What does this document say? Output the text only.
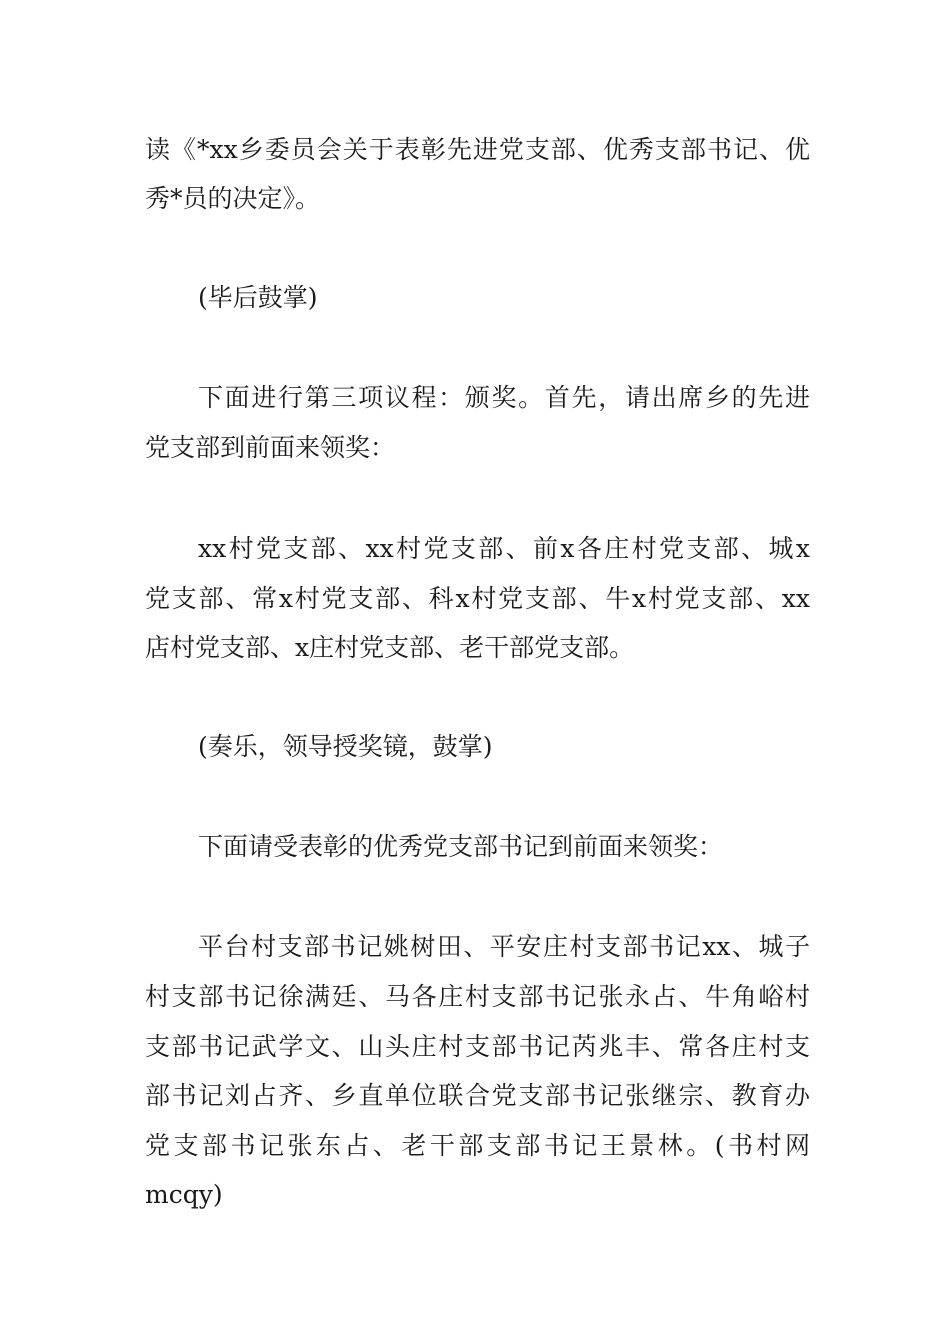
读《*xx乡委员会关于表彰先进党支部、优秀支部书记、优
秀*员的决定》。
(毕后鼓掌)
下面进行第三项议程：颁奖。首先，请出席乡的先进
党支部到前面来领奖：
xx村党支部、xx村党支部、前x各庄村党支部、城x
党支部、常x村党支部、科x村党支部、牛x村党支部、xx
店村党支部、x庄村党支部、老干部党支部。
(奏乐，领导授奖镜，鼓掌)
下面请受表彰的优秀党支部书记到前面来领奖：
平台村支部书记姚树田、平安庄村支部书记xx、城子
村支部书记徐满廷、马各庄村支部书记张永占、牛角峪村
支部书记武学文、山头庄村支部书记芮兆丰、常各庄村支
部书记刘占齐、乡直单位联合党支部书记张继宗、教育办
党支部书记张东占、老干部支部书记王景林。(书村网
mcqy)
